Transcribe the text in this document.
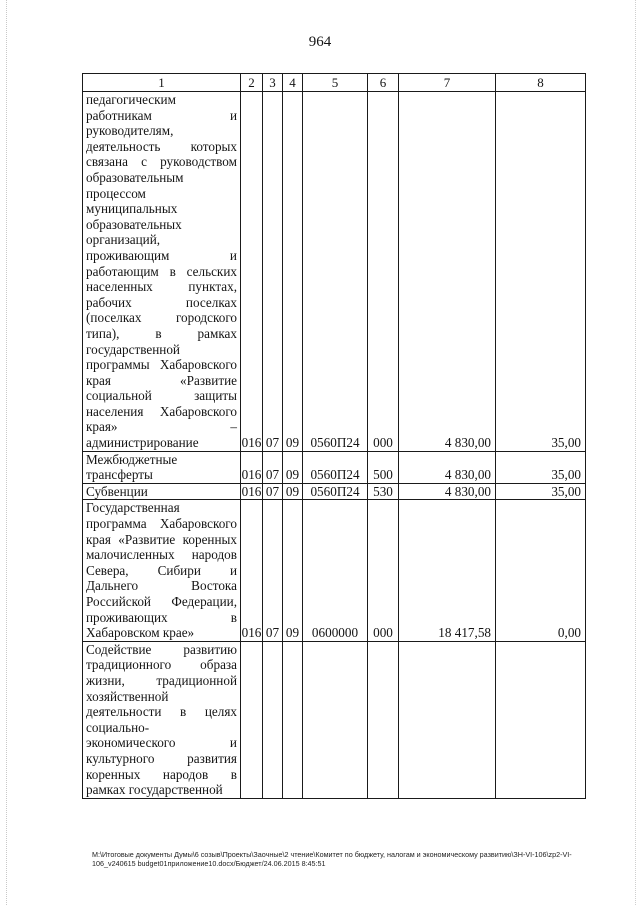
964
1	2	3	4	5	6	7	8

педагогическим работникам и руководителям, деятельность которых связана с руководством образовательным процессом муниципальных образовательных организаций, проживающим и работающим в сельских населенных пунктах, рабочих поселках (поселках городского типа), в рамках государственной программы Хабаровского края «Развитие социальной защиты населения Хабаровского края» – администрирование	016	07	09	0560П24	000	4 830,00	35,00

Межбюджетные трансферты	016	07	09	0560П24	500	4 830,00	35,00

Субвенции	016	07	09	0560П24	530	4 830,00	35,00

Государственная программа Хабаровского края «Развитие коренных малочисленных народов Севера, Сибири и Дальнего Востока Российской Федерации, проживающих в Хабаровском крае»	016	07	09	0600000	000	18 417,58	0,00

Содействие развитию традиционного образа жизни, традиционной хозяйственной деятельности в целях социально-экономического и культурного развития коренных народов в рамках государственной							

M:\Итоговые документы Думы\6 созыв\Проекты\Заочные\2 чтение\Комитет по бюджету, налогам и экономическому развитию\ЗН-VI-106\zp2-VI-106_v240615 budget01приложение10.docx/Бюджет/24.06.2015 8:45:51
